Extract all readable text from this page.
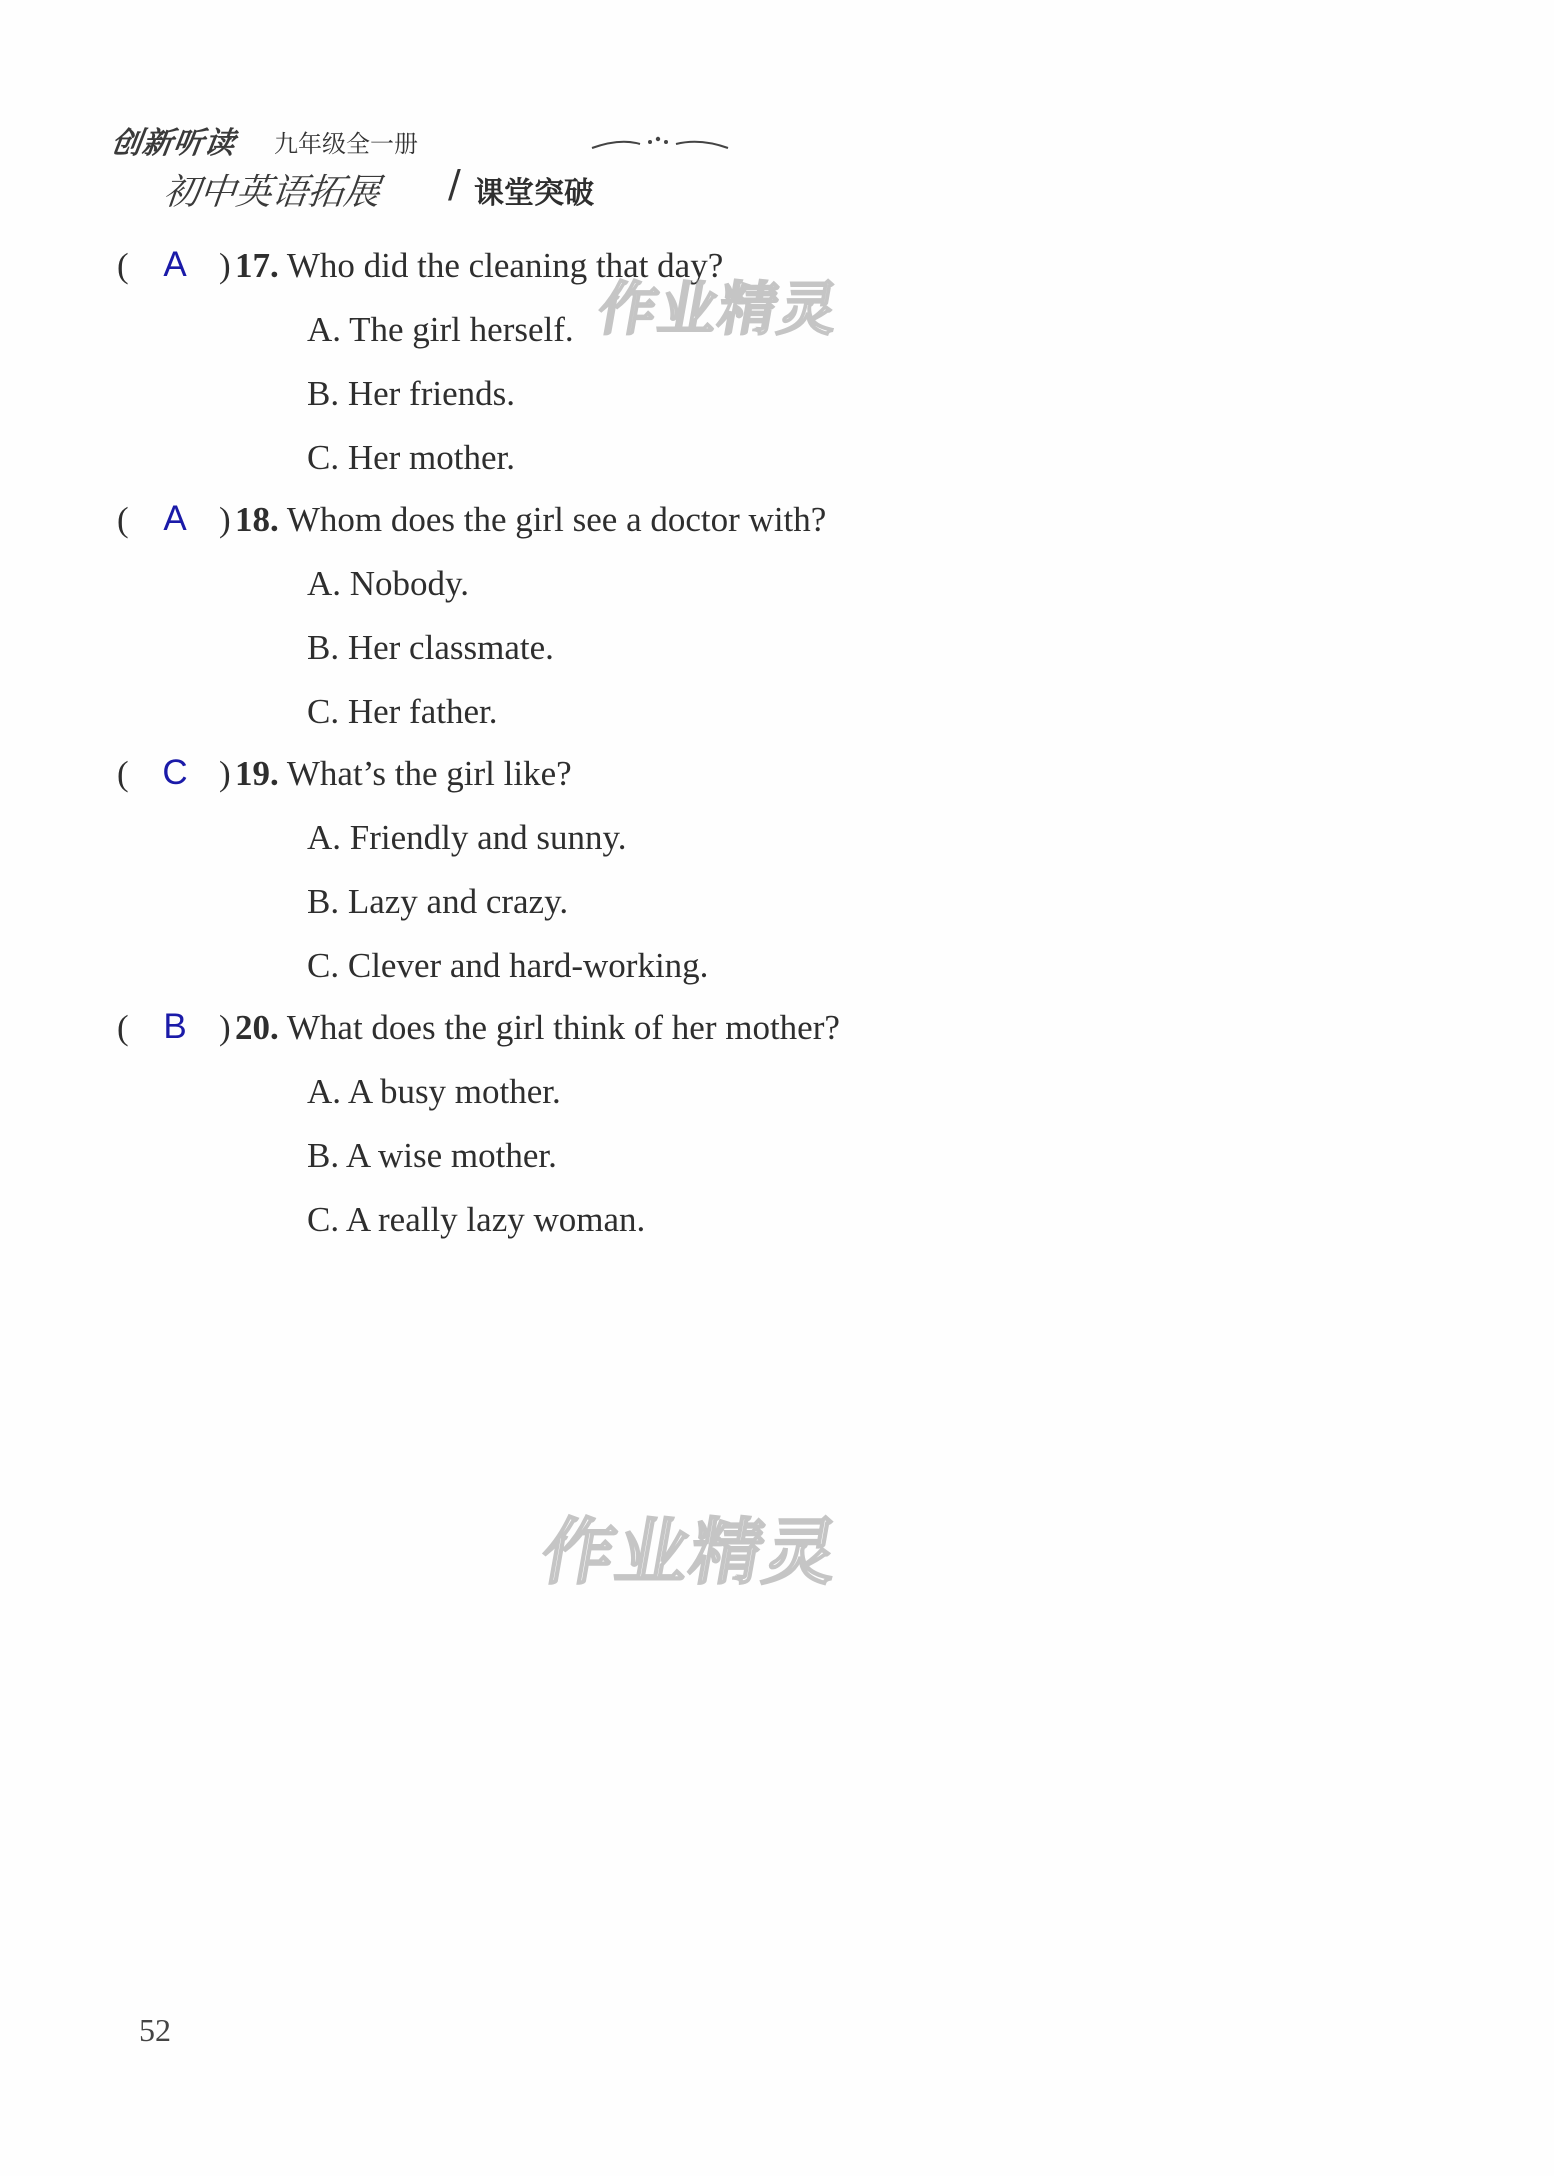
创新听读 九年级全一册
初中英语拓展 / 课堂突破
( A ) 17. Who did the cleaning that day?
A. The girl herself.
B. Her friends.
C. Her mother.
( A ) 18. Whom does the girl see a doctor with?
A. Nobody.
B. Her classmate.
C. Her father.
( C ) 19. What’s the girl like?
A. Friendly and sunny.
B. Lazy and crazy.
C. Clever and hard-working.
( B ) 20. What does the girl think of her mother?
A. A busy mother.
B. A wise mother.
C. A really lazy woman.
作业精灵
作业精灵
52
